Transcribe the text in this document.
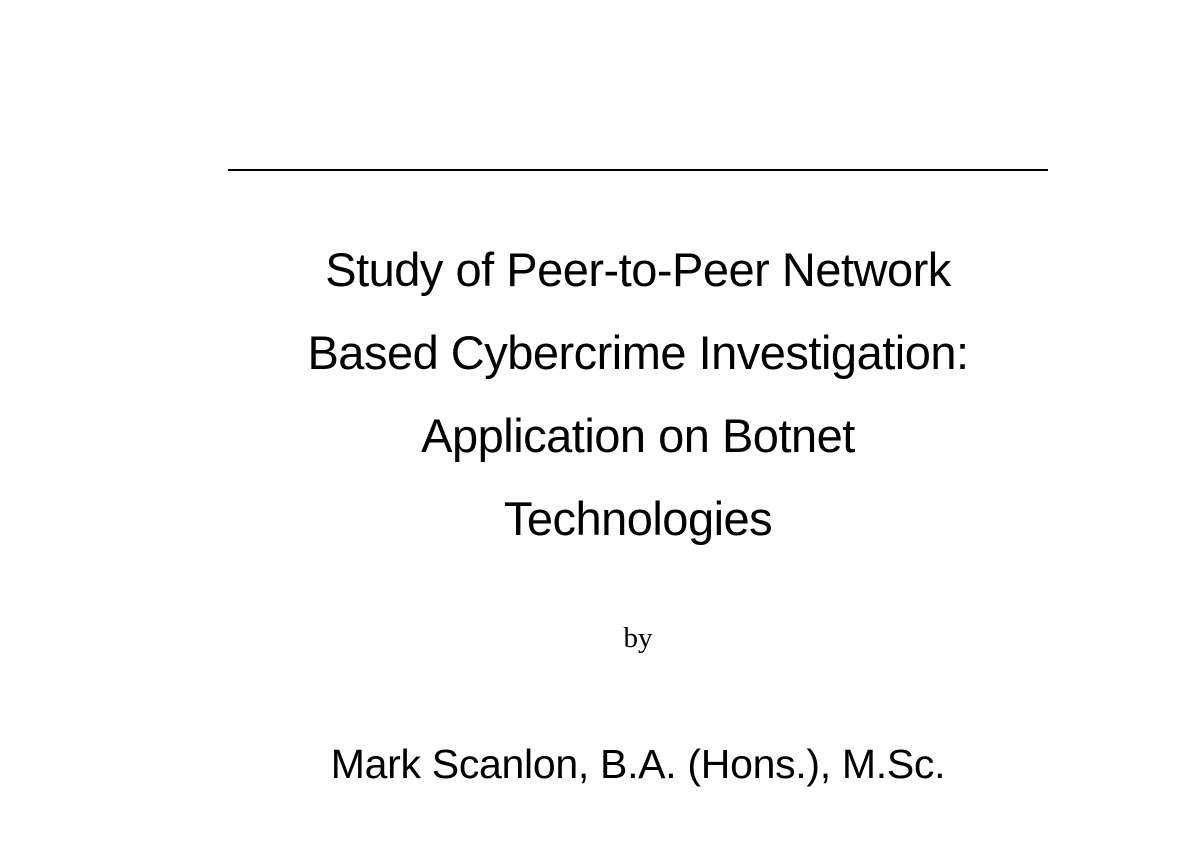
Study of Peer-to-Peer Network
Based Cybercrime Investigation:
Application on Botnet
Technologies
by
Mark Scanlon, B.A. (Hons.), M.Sc.
